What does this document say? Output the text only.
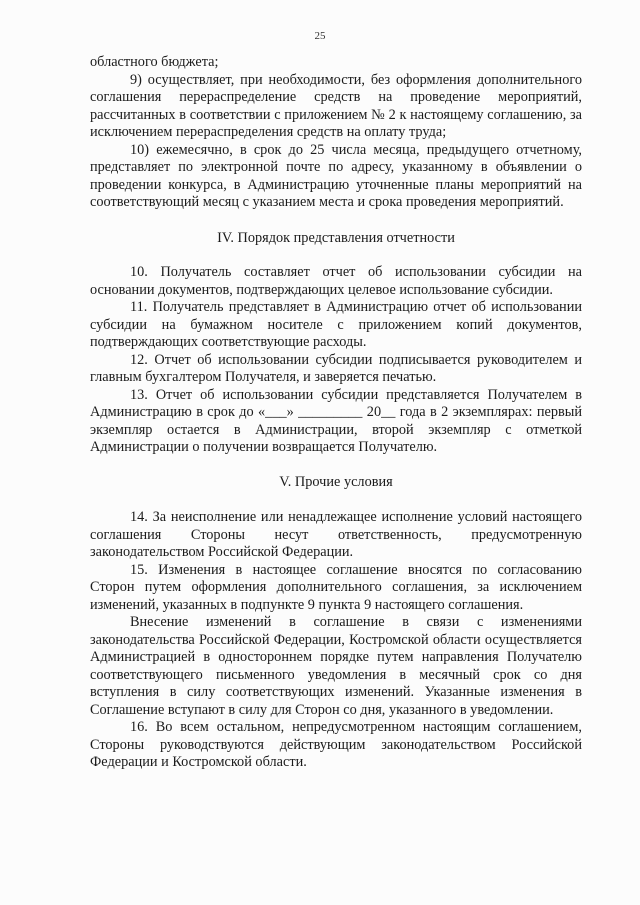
25

областного бюджета;

9) осуществляет, при необходимости, без оформления дополнительного соглашения перераспределение средств на проведение мероприятий, рассчитанных в соответствии с приложением № 2 к настоящему соглашению, за исключением перераспределения средств на оплату труда;

10) ежемесячно, в срок до 25 числа месяца, предыдущего отчетному, представляет по электронной почте по адресу, указанному в объявлении о проведении конкурса, в Администрацию уточненные планы мероприятий на соответствующий месяц с указанием места и срока проведения мероприятий.

IV. Порядок представления отчетности

10. Получатель составляет отчет об использовании субсидии на основании документов, подтверждающих целевое использование субсидии.

11. Получатель представляет в Администрацию отчет об использовании субсидии на бумажном носителе с приложением копий документов, подтверждающих соответствующие расходы.

12. Отчет об использовании субсидии подписывается руководителем и главным бухгалтером Получателя, и заверяется печатью.

13. Отчет об использовании субсидии представляется Получателем в Администрацию в срок до «___» _________ 20__ года в 2 экземплярах: первый экземпляр остается в Администрации, второй экземпляр с отметкой Администрации о получении возвращается Получателю.

V. Прочие условия

14. За неисполнение или ненадлежащее исполнение условий настоящего соглашения Стороны несут ответственность, предусмотренную законодательством Российской Федерации.

15. Изменения в настоящее соглашение вносятся по согласованию Сторон путем оформления дополнительного соглашения, за исключением изменений, указанных в подпункте 9 пункта 9 настоящего соглашения.

Внесение изменений в соглашение в связи с изменениями законодательства Российской Федерации, Костромской области осуществляется Администрацией в одностороннем порядке путем направления Получателю соответствующего письменного уведомления в месячный срок со дня вступления в силу соответствующих изменений. Указанные изменения в Соглашение вступают в силу для Сторон со дня, указанного в уведомлении.

16. Во всем остальном, непредусмотренном настоящим соглашением, Стороны руководствуются действующим законодательством Российской Федерации и Костромской области.
